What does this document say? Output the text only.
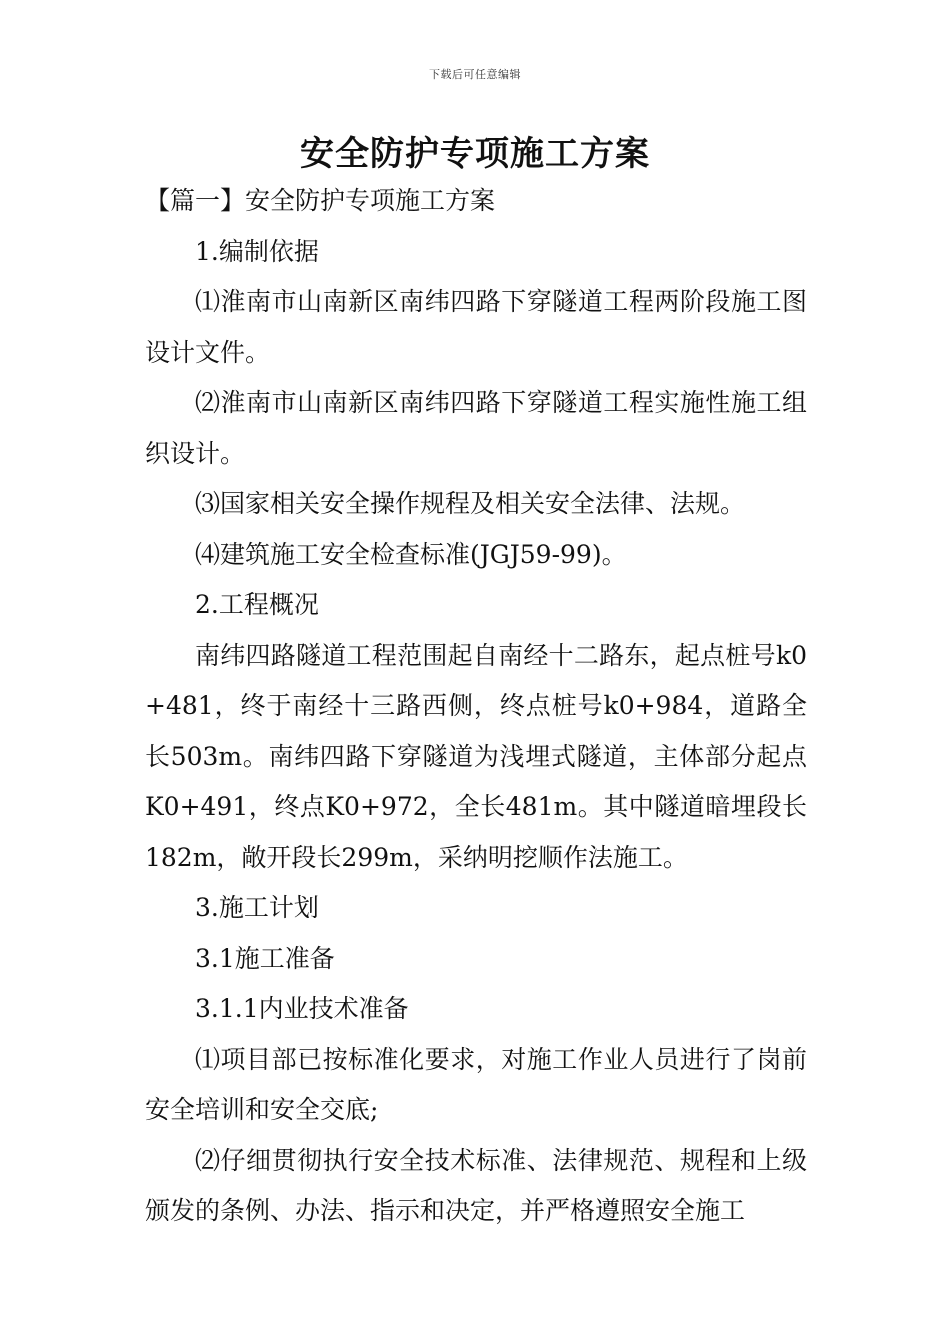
下载后可任意编辑
安全防护专项施工方案

【篇一】安全防护专项施工方案

1.编制依据

⑴淮南市山南新区南纬四路下穿隧道工程两阶段施工图设计文件。

⑵淮南市山南新区南纬四路下穿隧道工程实施性施工组织设计。

⑶国家相关安全操作规程及相关安全法律、法规。

⑷建筑施工安全检查标准(JGJ59-99)。

2.工程概况

南纬四路隧道工程范围起自南经十二路东，起点桩号k0+481，终于南经十三路西侧，终点桩号k0+984，道路全长503m。南纬四路下穿隧道为浅埋式隧道，主体部分起点K0+491，终点K0+972，全长481m。其中隧道暗埋段长182m，敞开段长299m，采纳明挖顺作法施工。

3.施工计划

3.1施工准备

3.1.1内业技术准备

⑴项目部已按标准化要求，对施工作业人员进行了岗前安全培训和安全交底;

⑵仔细贯彻执行安全技术标准、法律规范、规程和上级颁发的条例、办法、指示和决定，并严格遵照安全施工
